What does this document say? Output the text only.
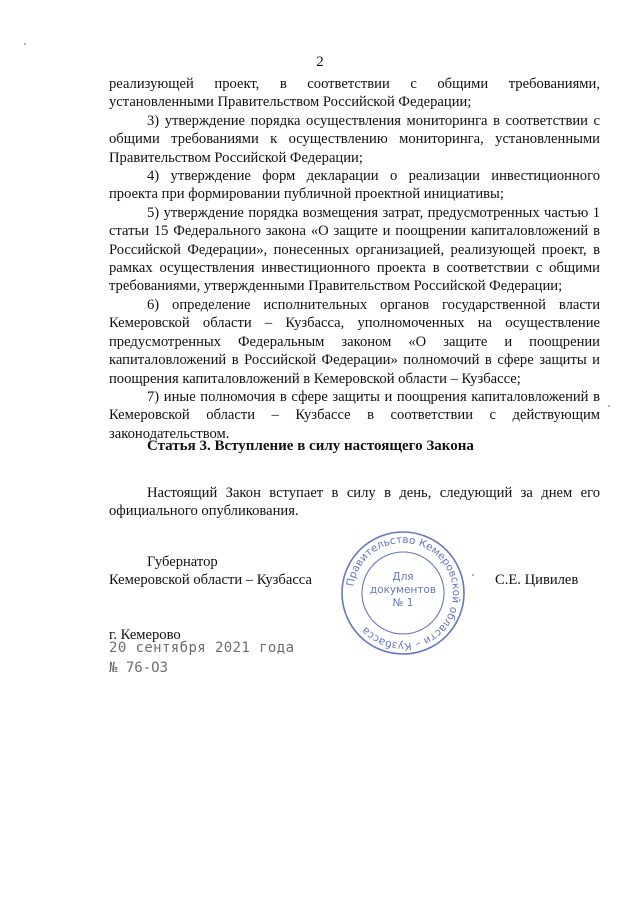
2

реализующей проект, в соответствии с общими требованиями, установленными Правительством Российской Федерации;

3) утверждение порядка осуществления мониторинга в соответствии с общими требованиями к осуществлению мониторинга, установленными Правительством Российской Федерации;

4) утверждение форм декларации о реализации инвестиционного проекта при формировании публичной проектной инициативы;

5) утверждение порядка возмещения затрат, предусмотренных частью 1 статьи 15 Федерального закона «О защите и поощрении капиталовложений в Российской Федерации», понесенных организацией, реализующей проект, в рамках осуществления инвестиционного проекта в соответствии с общими требованиями, утвержденными Правительством Российской Федерации;

6) определение исполнительных органов государственной власти Кемеровской области – Кузбасса, уполномоченных на осуществление предусмотренных Федеральным законом «О защите и поощрении капиталовложений в Российской Федерации» полномочий в сфере защиты и поощрения капиталовложений в Кемеровской области – Кузбассе;

7) иные полномочия в сфере защиты и поощрения капиталовложений в Кемеровской области – Кузбассе в соответствии с действующим законодательством.

Статья 3. Вступление в силу настоящего Закона
Настоящий Закон вступает в силу в день, следующий за днем его официального опубликования.
Губернатор
Кемеровской области – Кузбасса	С.Е. Цивилев
Правительство Кемеровской области – Кузбасса
Для
документов
№ 1
г. Кемерово
20 сентября 2021 года
№ 76-ОЗ
